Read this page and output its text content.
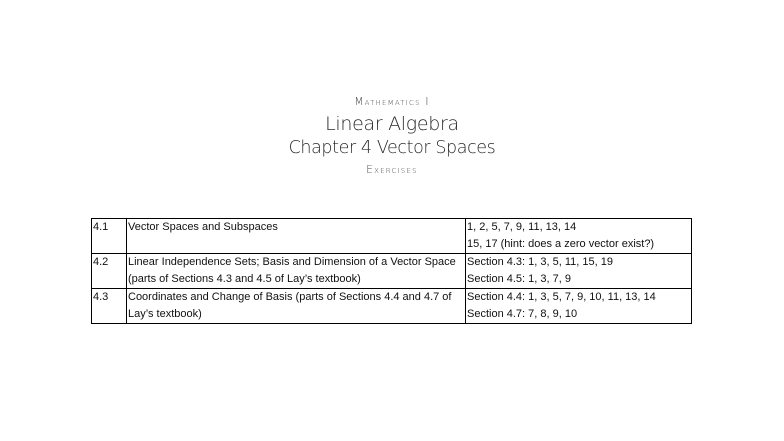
Mathematics I
Linear Algebra
Chapter 4 Vector Spaces
Exercises
4.1	Vector Spaces and Subspaces	1, 2, 5, 7, 9, 11, 13, 14
15, 17 (hint: does a zero vector exist?)

4.2	Linear Independence Sets; Basis and Dimension of a Vector Space (parts of Sections 4.3 and 4.5 of Lay’s textbook)	Section 4.3: 1, 3, 5, 11, 15, 19
Section 4.5: 1, 3, 7, 9

4.3	Coordinates and Change of Basis (parts of Sections 4.4 and 4.7 of Lay’s textbook)	Section 4.4: 1, 3, 5, 7, 9, 10, 11, 13, 14
Section 4.7: 7, 8, 9, 10
